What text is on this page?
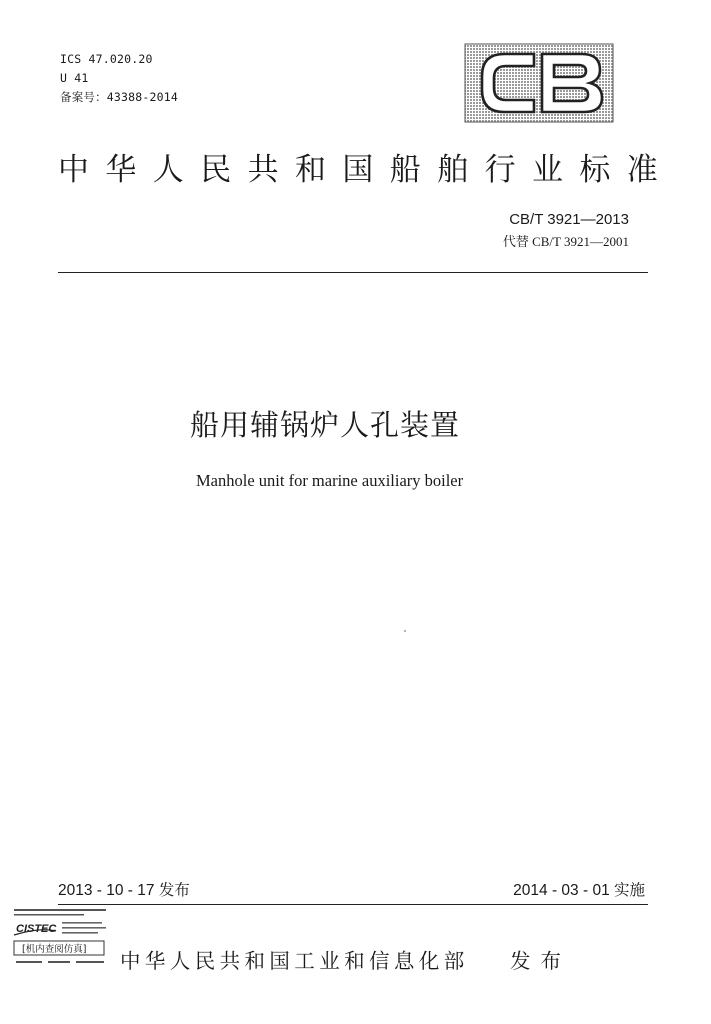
ICS 47.020.20
U 41
备案号：43388-2014
中华人民共和国船舶行业标准
CB/T 3921—2013
代替 CB/T 3921—2001
船用辅锅炉人孔装置
Manhole unit for marine auxiliary boiler
2013 - 10 - 17 发布	2014 - 03 - 01 实施
CISTEC
[机内查阅仿真] 中华人民共和国工业和信息化部 发布
